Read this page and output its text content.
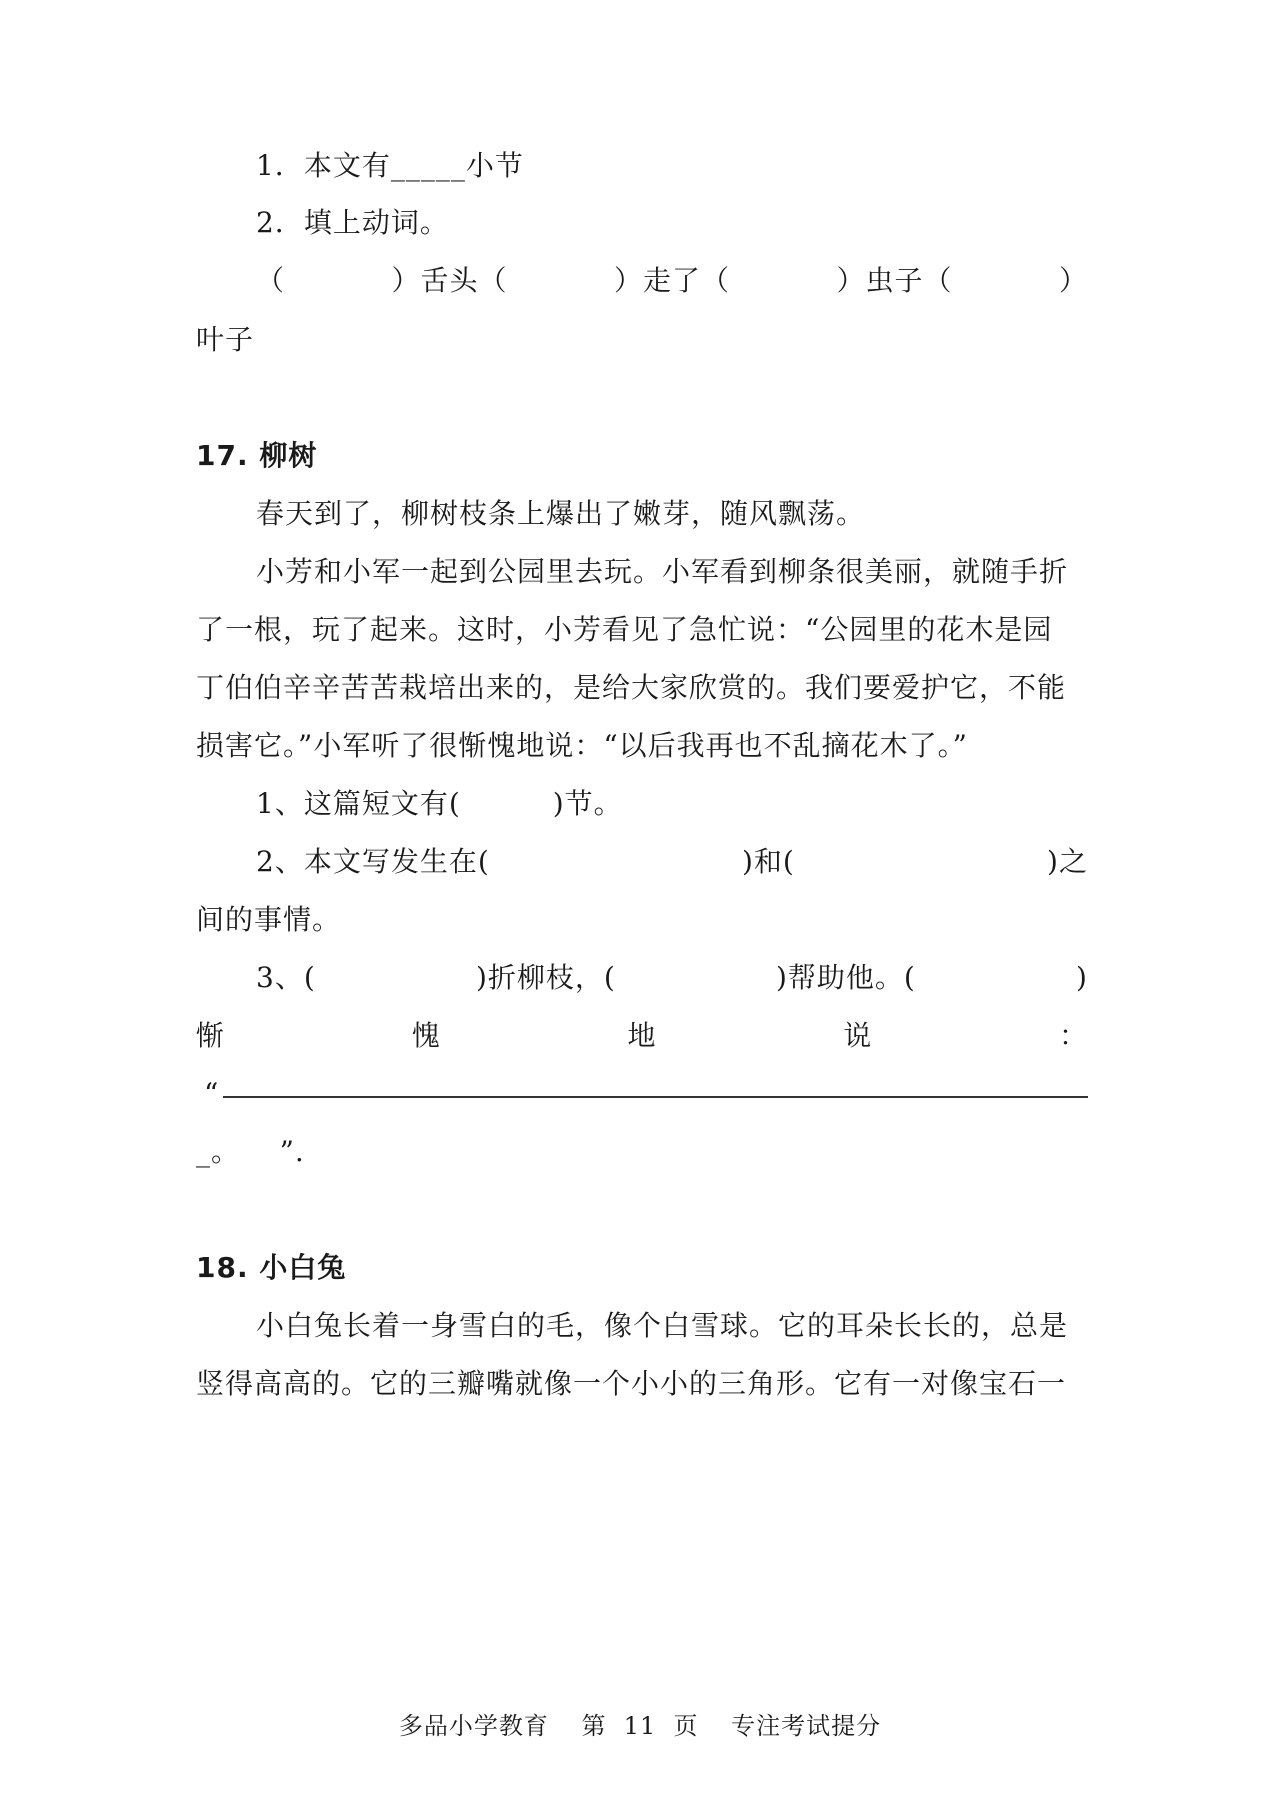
1．本文有_____小节
2．填上动词。
（	）舌头（	）走了（	）虫子（	）
叶子
17. 柳树
春天到了，柳树枝条上爆出了嫩芽，随风飘荡。
小芳和小军一起到公园里去玩。小军看到柳条很美丽，就随手折
了一根，玩了起来。这时，小芳看见了急忙说：“公园里的花木是园
丁伯伯辛辛苦苦栽培出来的，是给大家欣赏的。我们要爱护它，不能
损害它。”小军听了很惭愧地说：“以后我再也不乱摘花木了。”
1、这篇短文有(	)节。
2、本文写发生在(	)和(	)之
间的事情。
3、(	)折柳枝，(	)帮助他。(	)
惭	愧	地	说	：
“
_。    ”.
18. 小白兔
小白兔长着一身雪白的毛，像个白雪球。它的耳朵长长的，总是
竖得高高的。它的三瓣嘴就像一个小小的三角形。它有一对像宝石一
多品小学教育 第  11  页 专注考试提分
